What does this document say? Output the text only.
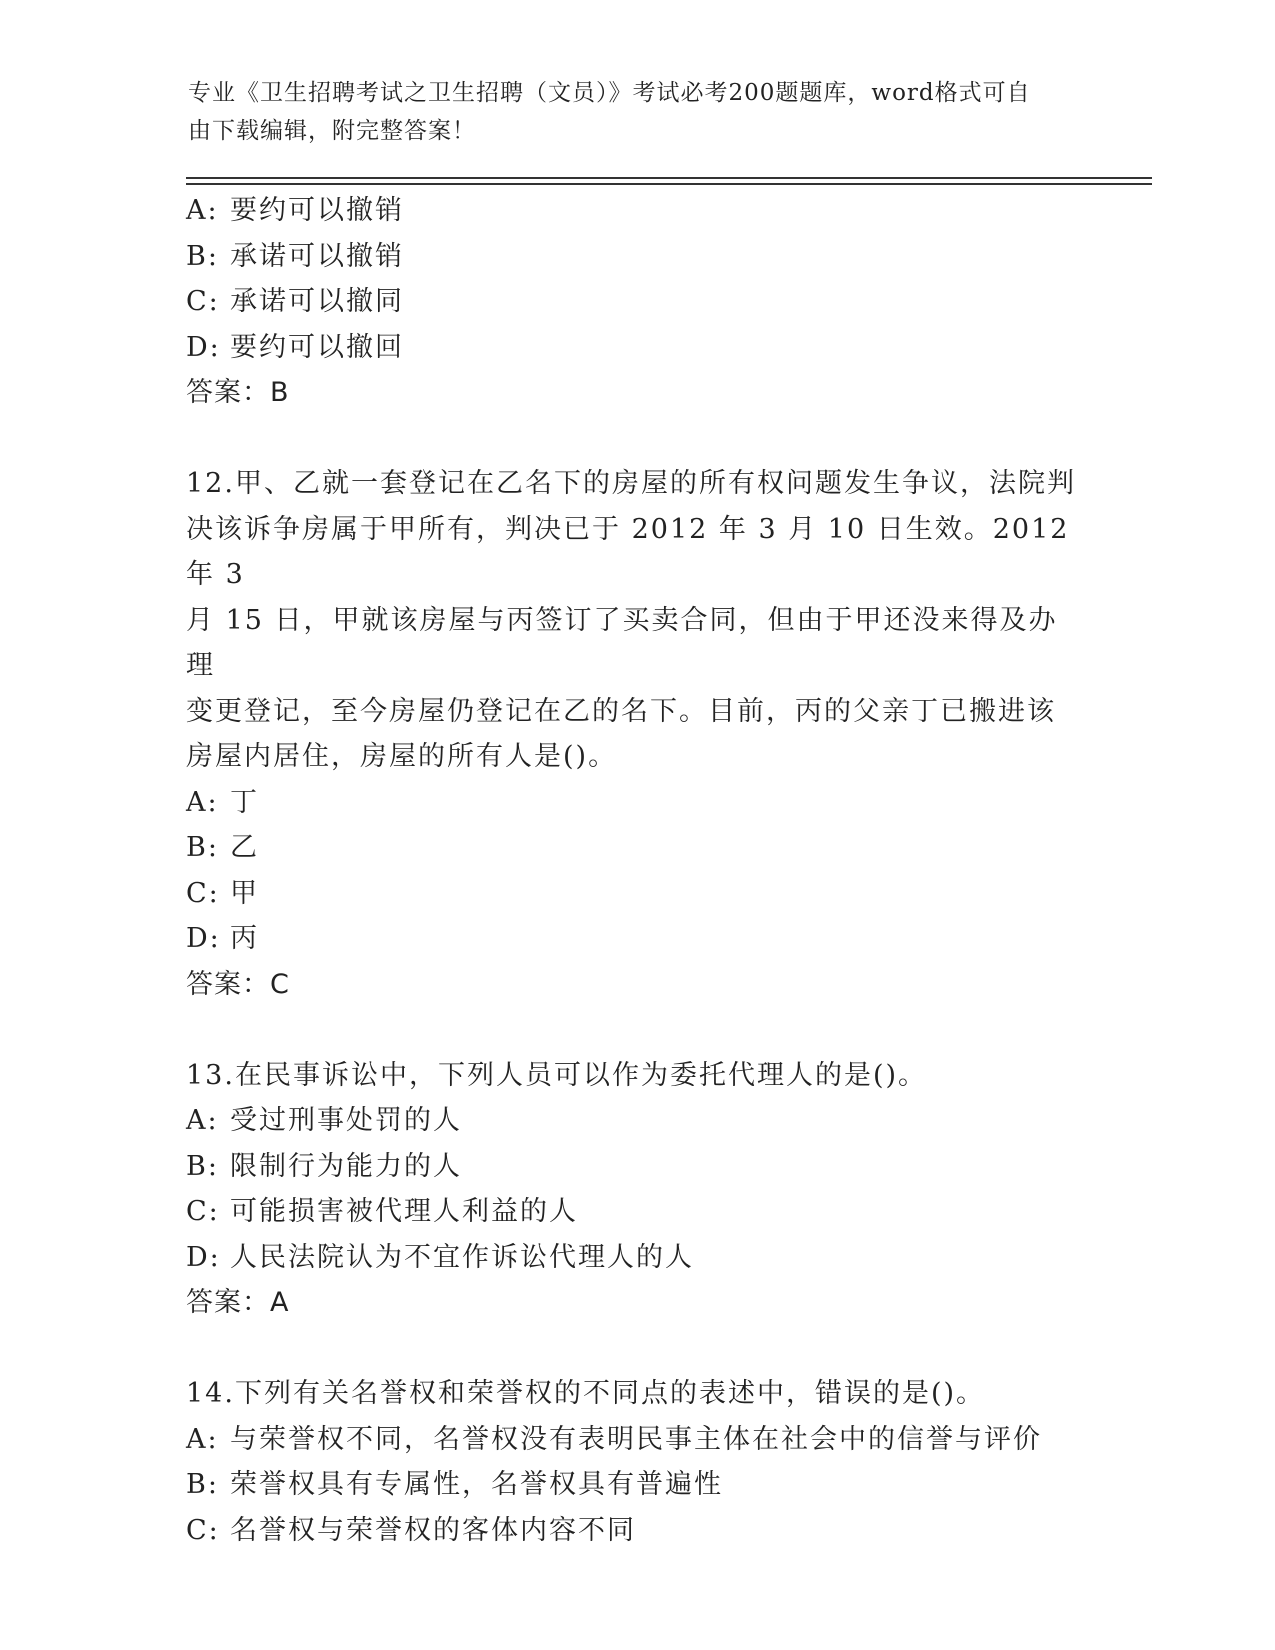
专业《卫生招聘考试之卫生招聘（文员）》考试必考200题题库，word格式可自
由下载编辑，附完整答案！
A: 要约可以撤销
B: 承诺可以撤销
C: 承诺可以撤同
D: 要约可以撤回
答案：B
12.甲、乙就一套登记在乙名下的房屋的所有权问题发生争议，法院判
决该诉争房属于甲所有，判决已于 2012 年 3 月 10 日生效。2012 年 3
月 15 日，甲就该房屋与丙签订了买卖合同，但由于甲还没来得及办理
变更登记，至今房屋仍登记在乙的名下。目前，丙的父亲丁已搬进该
房屋内居住，房屋的所有人是()。
A: 丁
B: 乙
C: 甲
D: 丙
答案：C
13.在民事诉讼中，下列人员可以作为委托代理人的是()。
A: 受过刑事处罚的人
B: 限制行为能力的人
C: 可能损害被代理人利益的人
D: 人民法院认为不宜作诉讼代理人的人
答案：A
14.下列有关名誉权和荣誉权的不同点的表述中，错误的是()。
A: 与荣誉权不同，名誉权没有表明民事主体在社会中的信誉与评价
B: 荣誉权具有专属性，名誉权具有普遍性
C: 名誉权与荣誉权的客体内容不同
